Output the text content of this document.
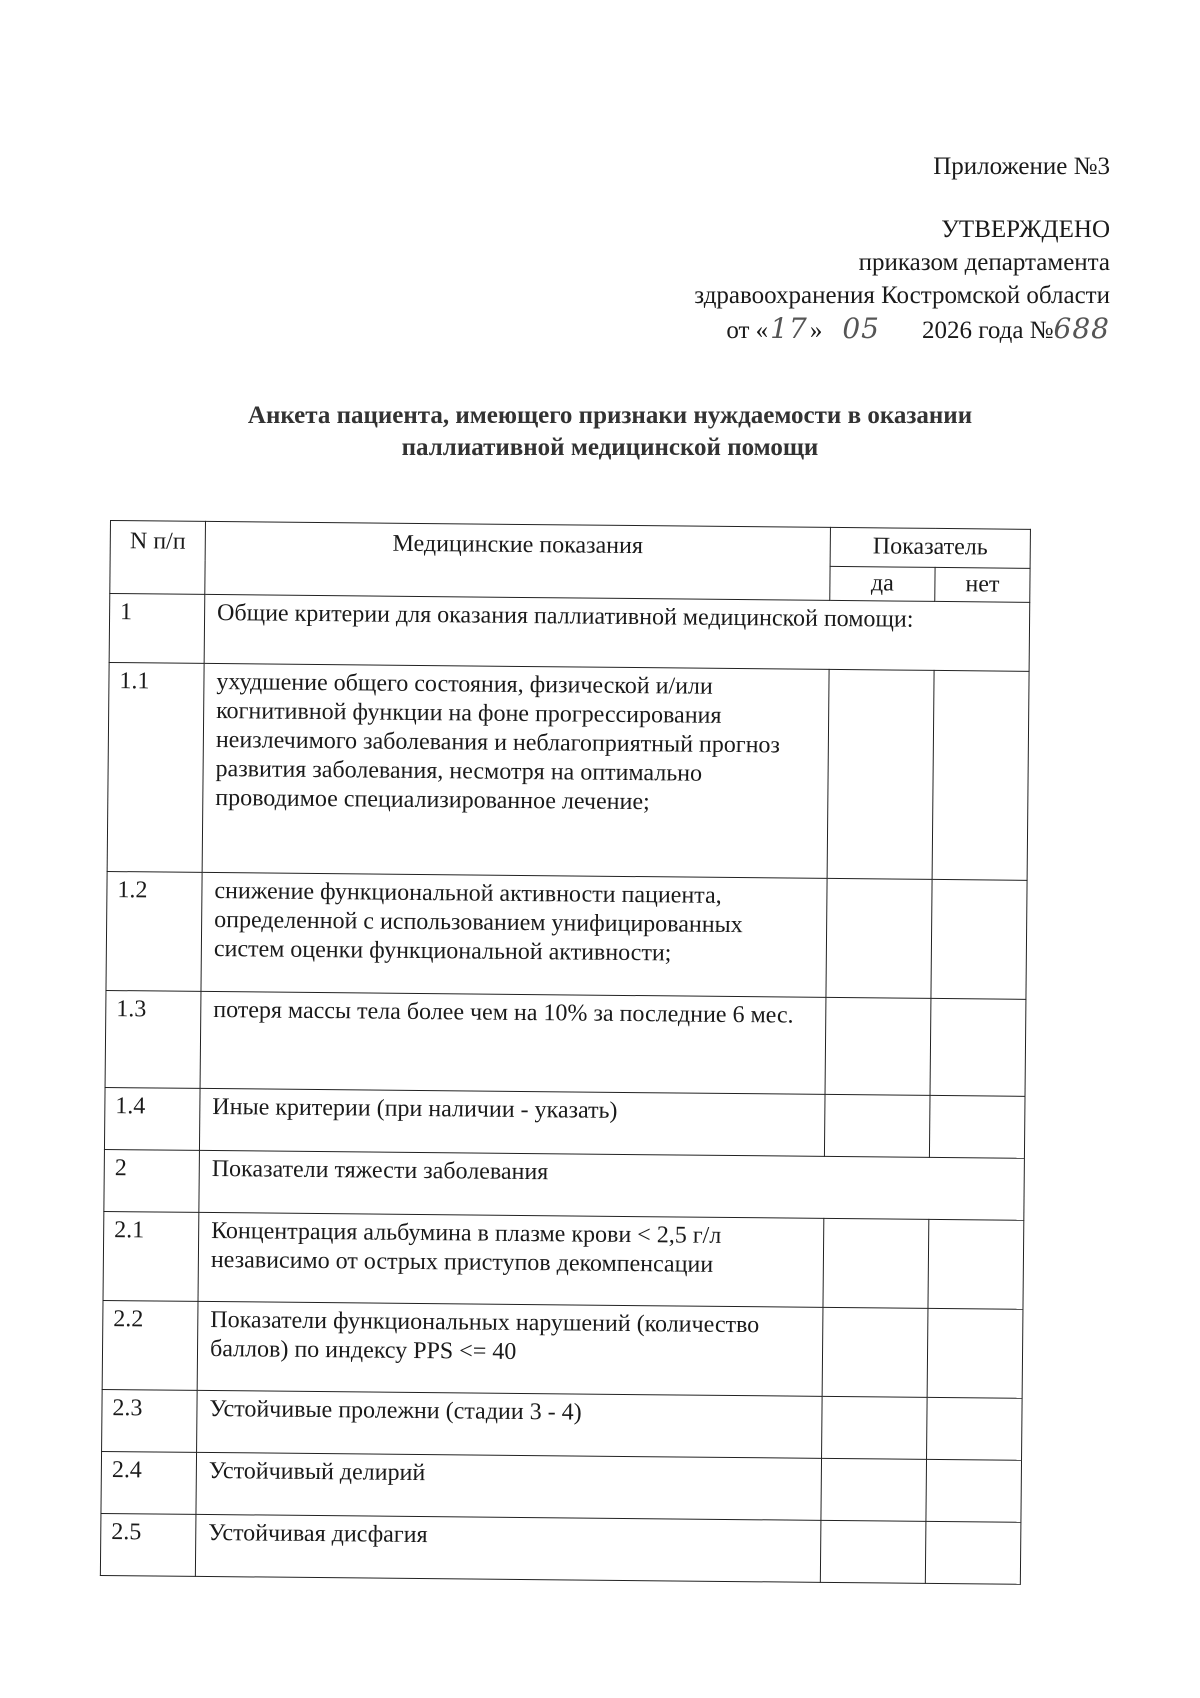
Приложение №3
УТВЕРЖДЕНО
приказом департамента
здравоохранения Костромской области
от «17» 05 2026 года №688
Анкета пациента, имеющего признаки нуждаемости в оказании
паллиативной медицинской помощи
N п/п	Медицинские показания	Показатель	
		да	нет
1	Общие критерии для оказания паллиативной медицинской помощи:		
1.1	ухудшение общего состояния, физической и/или когнитивной функции на фоне прогрессирования неизлечимого заболевания и неблагоприятный прогноз развития заболевания, несмотря на оптимально проводимое специализированное лечение;		
1.2	снижение функциональной активности пациента, определенной с использованием унифицированных систем оценки функциональной активности;		
1.3	потеря массы тела более чем на 10% за последние 6 мес.		
1.4	Иные критерии (при наличии - указать)		
2	Показатели тяжести заболевания		
2.1	Концентрация альбумина в плазме крови < 2,5 г/л независимо от острых приступов декомпенсации		
2.2	Показатели функциональных нарушений (количество баллов) по индексу PPS <= 40		
2.3	Устойчивые пролежни (стадии 3 - 4)		
2.4	Устойчивый делирий		
2.5	Устойчивая дисфагия		
